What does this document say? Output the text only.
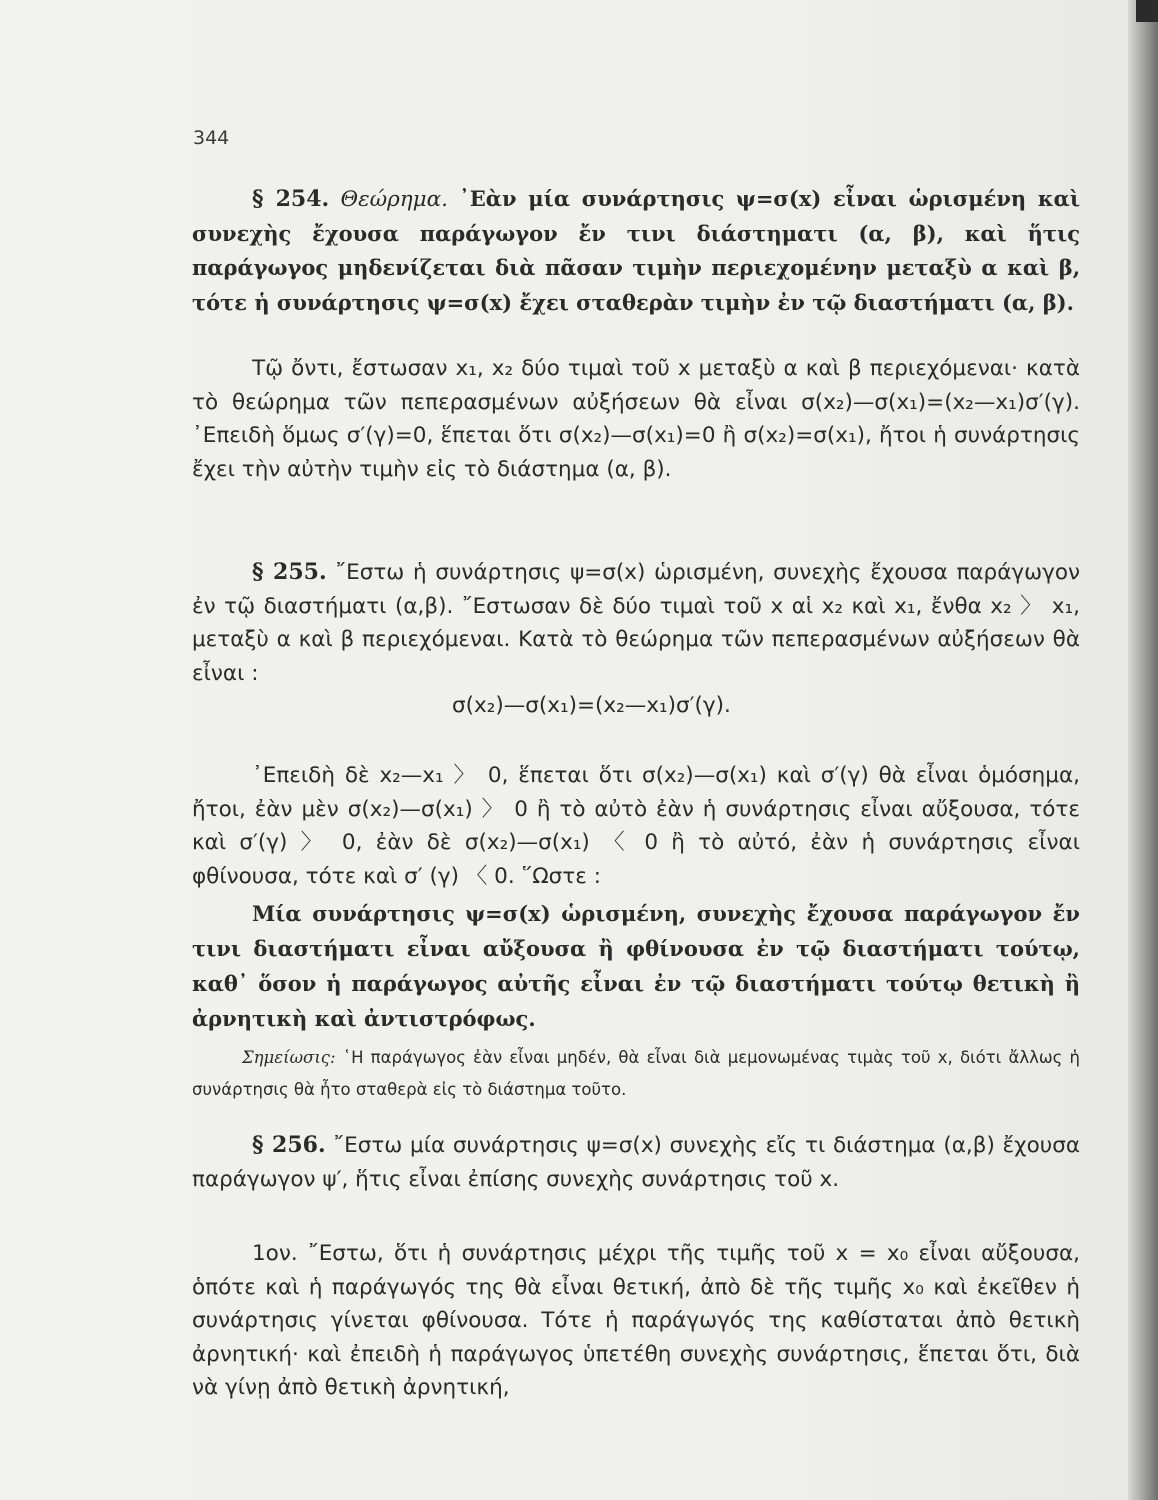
344
§ 254. Θεώρημα. ᾿Εὰν μία συνάρτησις ψ=σ(x) εἶναι ὡρισμένη καὶ συνεχὴς ἔχουσα παράγωγον ἔν τινι διάστηματι (α, β), καὶ ἥτις παράγωγος μηδενίζεται διὰ πᾶσαν τιμὴν περιεχομένην μεταξὺ α καὶ β, τότε ἡ συνάρτησις ψ=σ(x) ἔχει σταθερὰν τιμὴν ἐν τῷ διαστήματι (α, β).
Τῷ ὄντι, ἔστωσαν x₁, x₂ δύο τιμαὶ τοῦ x μεταξὺ α καὶ β περιεχόμεναι· κατὰ τὸ θεώρημα τῶν πεπερασμένων αὐξήσεων θὰ εἶναι σ(x₂)—σ(x₁)=(x₂—x₁)σ′(γ). ᾿Επειδὴ ὅμως σ′(γ)=0, ἕπεται ὅτι σ(x₂)—σ(x₁)=0 ἢ σ(x₂)=σ(x₁), ἤτοι ἡ συνάρτησις ἔχει τὴν αὐτὴν τιμὴν εἰς τὸ διάστημα (α, β).
§ 255. ῎Εστω ἡ συνάρτησις ψ=σ(x) ὡρισμένη, συνεχὴς ἔχουσα παράγωγον ἐν τῷ διαστήματι (α,β). ῎Εστωσαν δὲ δύο τιμαὶ τοῦ x αἱ x₂ καὶ x₁, ἔνθα x₂ 〉 x₁, μεταξὺ α καὶ β περιεχόμεναι. Κατὰ τὸ θεώρημα τῶν πεπερασμένων αὐξήσεων θὰ εἶναι :
σ(x₂)—σ(x₁)=(x₂—x₁)σ′(γ).
᾿Επειδὴ δὲ x₂—x₁ 〉 0, ἕπεται ὅτι σ(x₂)—σ(x₁) καὶ σ′(γ) θὰ εἶναι ὁμόσημα, ἤτοι, ἐὰν μὲν σ(x₂)—σ(x₁) 〉 0 ἢ τὸ αὐτὸ ἐὰν ἡ συνάρτησις εἶναι αὔξουσα, τότε καὶ σ′(γ) 〉 0, ἐὰν δὲ σ(x₂)—σ(x₁) 〈 0 ἢ τὸ αὐτό, ἐὰν ἡ συνάρτησις εἶναι φθίνουσα, τότε καὶ σ′ (γ) 〈 0. ῞Ωστε :
Μία συνάρτησις ψ=σ(x) ὡρισμένη, συνεχὴς ἔχουσα παράγωγον ἔν τινι διαστήματι εἶναι αὔξουσα ἢ φθίνουσα ἐν τῷ διαστήματι τούτῳ, καθ᾿ ὅσον ἡ παράγωγος αὐτῆς εἶναι ἐν τῷ διαστήματι τούτῳ θετικὴ ἢ ἀρνητικὴ καὶ ἀντιστρόφως.
Σημείωσις: ῾Η παράγωγος ἐὰν εἶναι μηδέν, θὰ εἶναι διὰ μεμονωμένας τιμὰς τοῦ x, διότι ἄλλως ἡ συνάρτησις θὰ ἦτο σταθερὰ εἰς τὸ διάστημα τοῦτο.
§ 256. ῎Εστω μία συνάρτησις ψ=σ(x) συνεχὴς εἴς τι διάστημα (α,β) ἔχουσα παράγωγον ψ′, ἥτις εἶναι ἐπίσης συνεχὴς συνάρτησις τοῦ x.
1ον. ῎Εστω, ὅτι ἡ συνάρτησις μέχρι τῆς τιμῆς τοῦ x = x₀ εἶναι αὔξουσα, ὁπότε καὶ ἡ παράγωγός της θὰ εἶναι θετική, ἀπὸ δὲ τῆς τιμῆς x₀ καὶ ἐκεῖθεν ἡ συνάρτησις γίνεται φθίνουσα. Τότε ἡ παράγωγός της καθίσταται ἀπὸ θετικὴ ἀρνητική· καὶ ἐπειδὴ ἡ παράγωγος ὑπετέθη συνεχὴς συνάρτησις, ἕπεται ὅτι, διὰ νὰ γίνῃ ἀπὸ θετικὴ ἀρνητική,
